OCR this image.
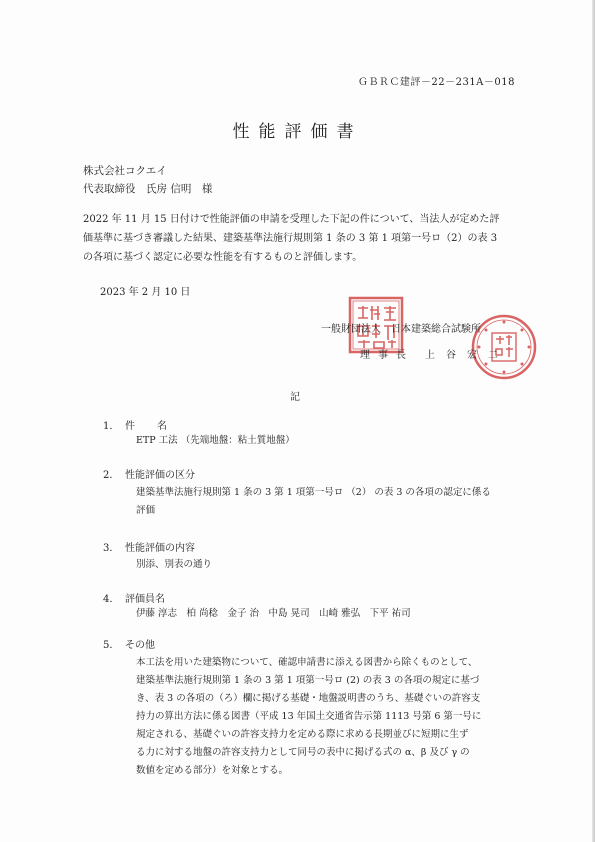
ＧＢＲＣ建評－22－231A－018
性能評価書
株式会社コクエイ
代表取締役　氏房 信明　様
2022 年 11 月 15 日付けで性能評価の申請を受理した下記の件について、当法人が定めた評
価基準に基づき審議した結果、建築基準法施行規則第 1 条の 3 第 1 項第一号ロ（2）の表 3
の各項に基づく認定に必要な性能を有するものと評価します。
2023 年 2 月 10 日
一般財団法人　日本建築総合試験所
理事長 上谷宏二
記
1． 件名
ETP 工法 （先端地盤：粘土質地盤）
2． 性能評価の区分
建築基準法施行規則第 1 条の 3 第 1 項第一号ロ （2） の表 3 の各項の認定に係る
評価
3． 性能評価の内容
別添、別表の通り
4． 評価員名
伊藤 淳志　柏 尚稔　金子 治　中島 晃司　山崎 雅弘　下平 祐司
5． その他
本工法を用いた建築物について、確認申請書に添える図書から除くものとして、
建築基準法施行規則第 1 条の 3 第 1 項第一号ロ (2) の表 3 の各項の規定に基づ
き、表 3 の各項の（ろ）欄に掲げる基礎・地盤説明書のうち、基礎ぐいの許容支
持力の算出方法に係る図書（平成 13 年国土交通省告示第 1113 号第 6 第一号に
規定される、基礎ぐいの許容支持力を定める際に求める長期並びに短期に生ず
る力に対する地盤の許容支持力として同号の表中に掲げる式の α、β 及び γ の
数値を定める部分）を対象とする。
